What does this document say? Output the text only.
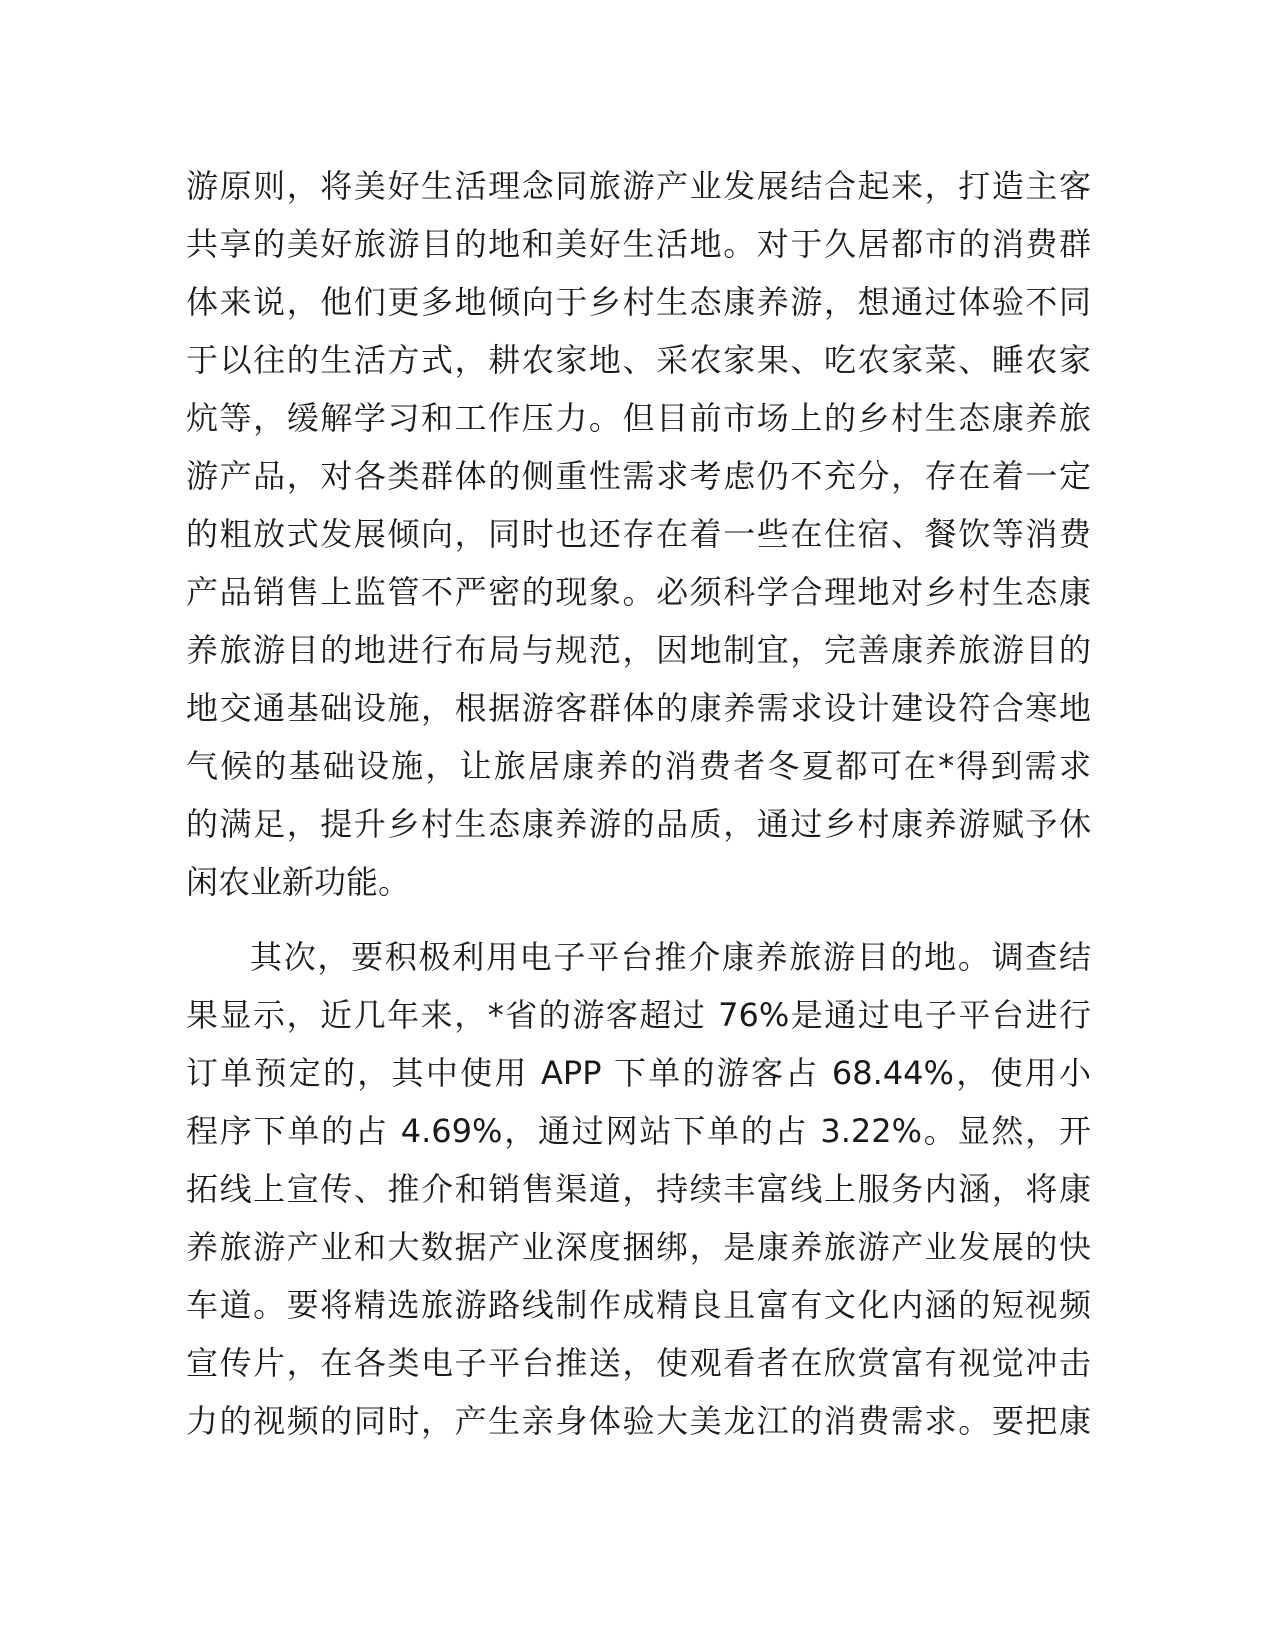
游原则，将美好生活理念同旅游产业发展结合起来，打造主客
共享的美好旅游目的地和美好生活地。对于久居都市的消费群
体来说，他们更多地倾向于乡村生态康养游，想通过体验不同
于以往的生活方式，耕农家地、采农家果、吃农家菜、睡农家
炕等，缓解学习和工作压力。但目前市场上的乡村生态康养旅
游产品，对各类群体的侧重性需求考虑仍不充分，存在着一定
的粗放式发展倾向，同时也还存在着一些在住宿、餐饮等消费
产品销售上监管不严密的现象。必须科学合理地对乡村生态康
养旅游目的地进行布局与规范，因地制宜，完善康养旅游目的
地交通基础设施，根据游客群体的康养需求设计建设符合寒地
气候的基础设施，让旅居康养的消费者冬夏都可在*得到需求
的满足，提升乡村生态康养游的品质，通过乡村康养游赋予休
闲农业新功能。
其次，要积极利用电子平台推介康养旅游目的地。调查结
果显示，近几年来，*省的游客超过 76%是通过电子平台进行
订单预定的，其中使用 APP 下单的游客占 68.44%，使用小
程序下单的占 4.69%，通过网站下单的占 3.22%。显然，开
拓线上宣传、推介和销售渠道，持续丰富线上服务内涵，将康
养旅游产业和大数据产业深度捆绑，是康养旅游产业发展的快
车道。要将精选旅游路线制作成精良且富有文化内涵的短视频
宣传片，在各类电子平台推送，使观看者在欣赏富有视觉冲击
力的视频的同时，产生亲身体验大美龙江的消费需求。要把康
